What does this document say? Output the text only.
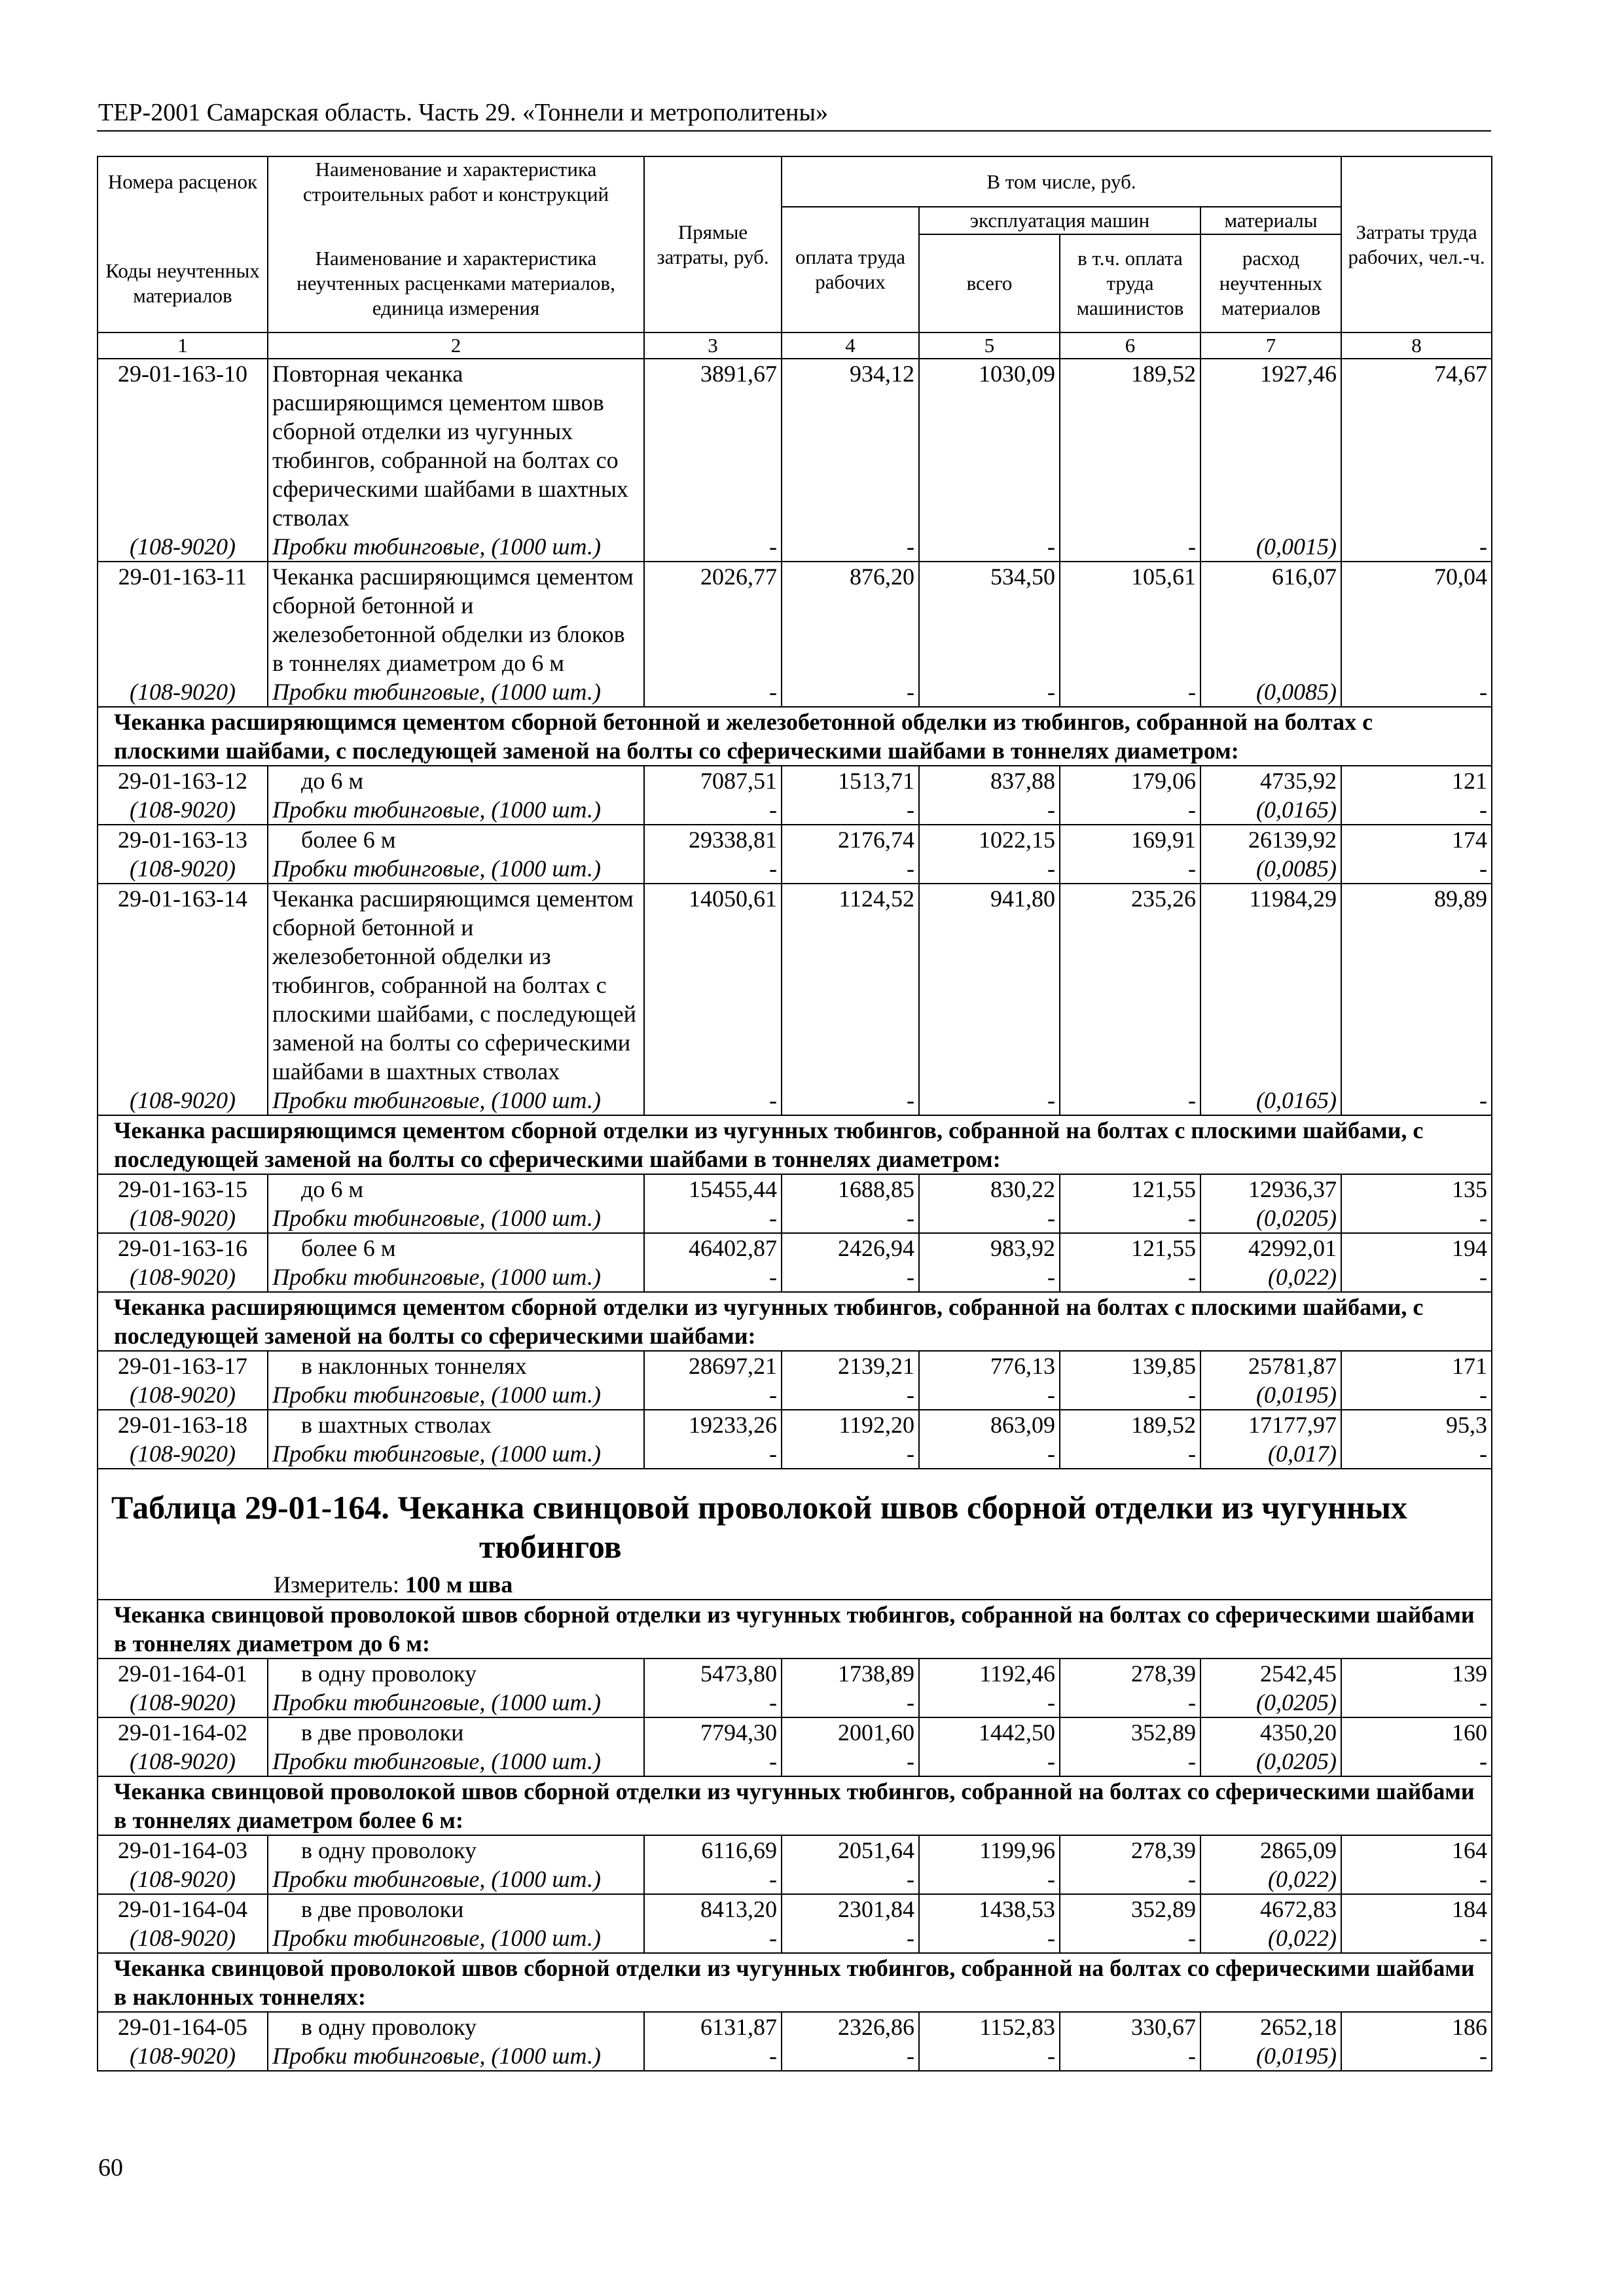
ТЕР-2001 Самарская область. Часть 29. «Тоннели и метрополитены»
Номера расценок	Наименование и характеристика строительных работ и конструкций	Прямые затраты, руб.	В том числе, руб.				Затраты труда рабочих, чел.-ч.
			оплата труда рабочих	эксплуатация машин		материалы	
Коды неучтенных материалов	Наименование и характеристика неучтенных расценками материалов, единица измерения			всего	в т.ч. оплата труда машинистов	расход неучтенных материалов	
1	2	3	4	5	6	7	8
29-01-163-10	Повторная чеканка расширяющимся цементом швов сборной отделки из чугунных тюбингов, собранной на болтах со сферическими шайбами в шахтных стволах	3891,67	934,12	1030,09	189,52	1927,46	74,67
(108-9020)	Пробки тюбинговые, (1000 шт.)	-	-	-	-	(0,0015)	-
29-01-163-11	Чеканка расширяющимся цементом сборной бетонной и железобетонной обделки из блоков в тоннелях диаметром до 6 м	2026,77	876,20	534,50	105,61	616,07	70,04
(108-9020)	Пробки тюбинговые, (1000 шт.)	-	-	-	-	(0,0085)	-
Чеканка расширяющимся цементом сборной бетонной и железобетонной обделки из тюбингов, собранной на болтах с плоскими шайбами, с последующей заменой на болты со сферическими шайбами в тоннелях диаметром:							
29-01-163-12	до 6 м	7087,51	1513,71	837,88	179,06	4735,92	121
(108-9020)	Пробки тюбинговые, (1000 шт.)	-	-	-	-	(0,0165)	-
29-01-163-13	более 6 м	29338,81	2176,74	1022,15	169,91	26139,92	174
(108-9020)	Пробки тюбинговые, (1000 шт.)	-	-	-	-	(0,0085)	-
29-01-163-14	Чеканка расширяющимся цементом сборной бетонной и железобетонной обделки из тюбингов, собранной на болтах с плоскими шайбами, с последующей заменой на болты со сферическими шайбами в шахтных стволах	14050,61	1124,52	941,80	235,26	11984,29	89,89
(108-9020)	Пробки тюбинговые, (1000 шт.)	-	-	-	-	(0,0165)	-
Чеканка расширяющимся цементом сборной отделки из чугунных тюбингов, собранной на болтах с плоскими шайбами, с последующей заменой на болты со сферическими шайбами в тоннелях диаметром:							
29-01-163-15	до 6 м	15455,44	1688,85	830,22	121,55	12936,37	135
(108-9020)	Пробки тюбинговые, (1000 шт.)	-	-	-	-	(0,0205)	-
29-01-163-16	более 6 м	46402,87	2426,94	983,92	121,55	42992,01	194
(108-9020)	Пробки тюбинговые, (1000 шт.)	-	-	-	-	(0,022)	-
Чеканка расширяющимся цементом сборной отделки из чугунных тюбингов, собранной на болтах с плоскими шайбами, с последующей заменой на болты со сферическими шайбами:							
29-01-163-17	в наклонных тоннелях	28697,21	2139,21	776,13	139,85	25781,87	171
(108-9020)	Пробки тюбинговые, (1000 шт.)	-	-	-	-	(0,0195)	-
29-01-163-18	в шахтных стволах	19233,26	1192,20	863,09	189,52	17177,97	95,3
(108-9020)	Пробки тюбинговые, (1000 шт.)	-	-	-	-	(0,017)	-
Таблица 29-01-164. Чеканка свинцовой проволокой швов сборной отделки из чугунных
тюбингов							

Измеритель: 100 м шва							
Чеканка свинцовой проволокой швов сборной отделки из чугунных тюбингов, собранной на болтах со сферическими шайбами в тоннелях диаметром до 6 м:							
29-01-164-01	в одну проволоку	5473,80	1738,89	1192,46	278,39	2542,45	139
(108-9020)	Пробки тюбинговые, (1000 шт.)	-	-	-	-	(0,0205)	-
29-01-164-02	в две проволоки	7794,30	2001,60	1442,50	352,89	4350,20	160
(108-9020)	Пробки тюбинговые, (1000 шт.)	-	-	-	-	(0,0205)	-
Чеканка свинцовой проволокой швов сборной отделки из чугунных тюбингов, собранной на болтах со сферическими шайбами в тоннелях диаметром более 6 м:							
29-01-164-03	в одну проволоку	6116,69	2051,64	1199,96	278,39	2865,09	164
(108-9020)	Пробки тюбинговые, (1000 шт.)	-	-	-	-	(0,022)	-
29-01-164-04	в две проволоки	8413,20	2301,84	1438,53	352,89	4672,83	184
(108-9020)	Пробки тюбинговые, (1000 шт.)	-	-	-	-	(0,022)	-
Чеканка свинцовой проволокой швов сборной отделки из чугунных тюбингов, собранной на болтах со сферическими шайбами в наклонных тоннелях:							
29-01-164-05	в одну проволоку	6131,87	2326,86	1152,83	330,67	2652,18	186
(108-9020)	Пробки тюбинговые, (1000 шт.)	-	-	-	-	(0,0195)	-
60
